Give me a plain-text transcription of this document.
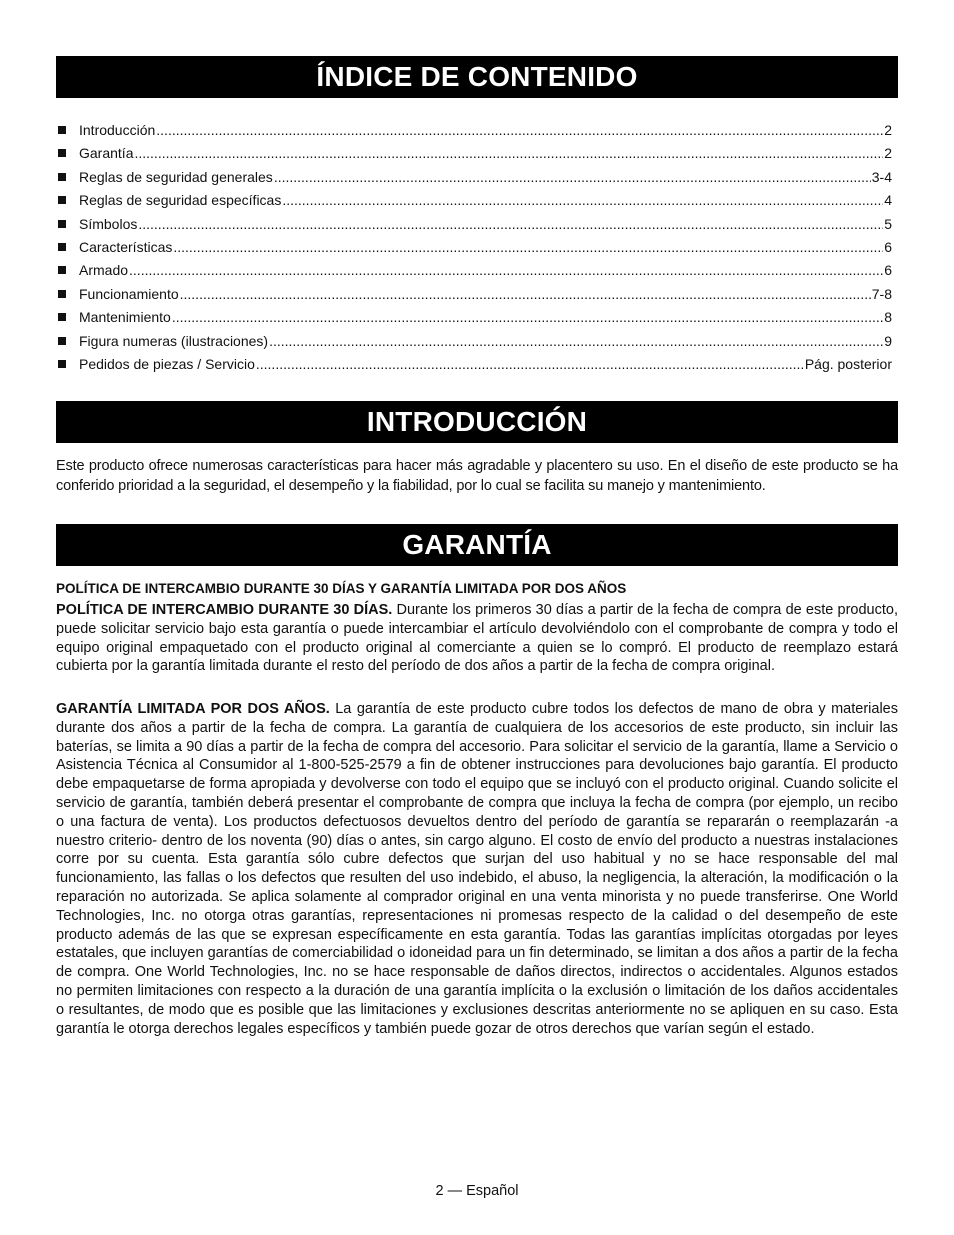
ÍNDICE DE CONTENIDO
Introducción .....	2
Garantía .....	2
Reglas de seguridad generales .....	3-4
Reglas de seguridad específicas .....	4
Símbolos .....	5
Características .....	6
Armado .....	6
Funcionamiento .....	7-8
Mantenimiento .....	8
Figura numeras (ilustraciones) .....	9
Pedidos de piezas / Servicio .....	Pág. posterior
INTRODUCCIÓN

Este producto ofrece numerosas características para hacer más agradable y placentero su uso. En el diseño de este producto se ha conferido prioridad a la seguridad, el desempeño y la fiabilidad, por lo cual se facilita su manejo y mantenimiento.

GARANTÍA

POLÍTICA DE INTERCAMBIO DURANTE 30 DÍAS Y GARANTÍA LIMITADA POR DOS AÑOS

POLÍTICA DE INTERCAMBIO DURANTE 30 DÍAS. Durante los primeros 30 días a partir de la fecha de compra de este producto, puede solicitar servicio bajo esta garantía o puede intercambiar el artículo devolviéndolo con el comprobante de compra y todo el equipo original empaquetado con el producto original al comerciante a quien se lo compró. El producto de reemplazo estará cubierta por la garantía limitada durante el resto del período de dos años a partir de la fecha de compra original.

GARANTÍA LIMITADA POR DOS AÑOS. La garantía de este producto cubre todos los defectos de mano de obra y materiales durante dos años a partir de la fecha de compra. La garantía de cualquiera de los accesorios de este producto, sin incluir las baterías, se limita a 90 días a partir de la fecha de compra del accesorio. Para solicitar el servicio de la garantía, llame a Servicio o Asistencia Técnica al Consumidor al 1-800-525-2579 a fin de obtener instrucciones para devoluciones bajo garantía. El producto debe empaquetarse de forma apropiada y devolverse con todo el equipo que se incluyó con el producto original. Cuando solicite el servicio de garantía, también deberá presentar el comprobante de compra que incluya la fecha de compra (por ejemplo, un recibo o una factura de venta). Los productos defectuosos devueltos dentro del período de garantía se repararán o reemplazarán -a nuestro criterio- dentro de los noventa (90) días o antes, sin cargo alguno. El costo de envío del producto a nuestras instalaciones corre por su cuenta. Esta garantía sólo cubre defectos que surjan del uso habitual y no se hace responsable del mal funcionamiento, las fallas o los defectos que resulten del uso indebido, el abuso, la negligencia, la alteración, la modificación o la reparación no autorizada. Se aplica solamente al comprador original en una venta minorista y no puede transferirse. One World Technologies, Inc. no otorga otras garantías, representaciones ni promesas respecto de la calidad o del desempeño de este producto además de las que se expresan específicamente en esta garantía. Todas las garantías implícitas otorgadas por leyes estatales, que incluyen garantías de comerciabilidad o idoneidad para un fin determinado, se limitan a dos años a partir de la fecha de compra. One World Technologies, Inc. no se hace responsable de daños directos, indirectos o accidentales. Algunos estados no permiten limitaciones con respecto a la duración de una garantía implícita o la exclusión o limitación de los daños accidentales o resultantes, de modo que es posible que las limitaciones y exclusiones descritas anteriormente no se apliquen en su caso. Esta garantía le otorga derechos legales específicos y también puede gozar de otros derechos que varían según el estado.

2 — Español
